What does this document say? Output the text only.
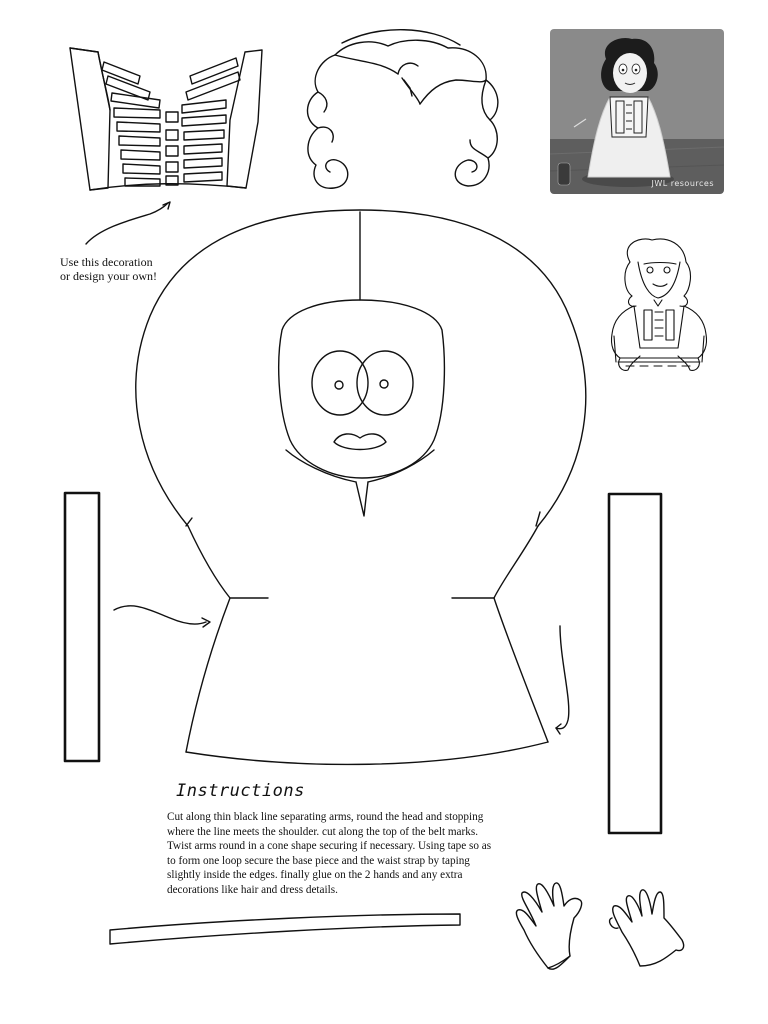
JWL resources
Use this decoration
or design your own!
Instructions
Cut along thin black line separating arms, round the head and stopping
where the line meets the shoulder. cut along the top of the belt marks.
Twist arms round in a cone shape securing if necessary. Using tape so as
to form one loop secure the base piece and the waist strap by taping
slightly inside the edges. finally glue on the 2 hands and any extra
decorations like hair and dress details.
